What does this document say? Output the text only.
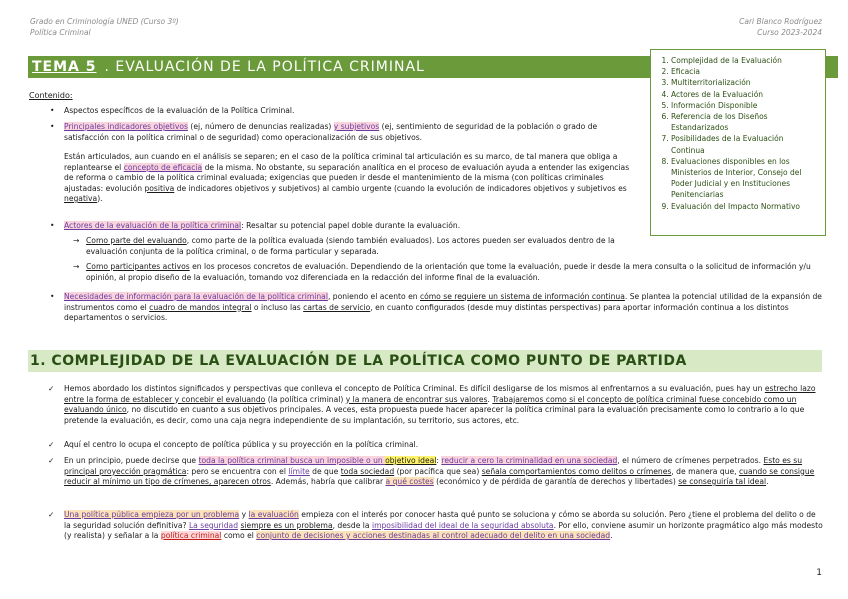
Grado en Criminología UNED (Curso 3º)
Política Criminal
Cari Blanco Rodríguez
Curso 2023-2024
TEMA 5 . EVALUACIÓN DE LA POLÍTICA CRIMINAL
1.	Complejidad de la Evaluación
2. Eficacia
3. Multiterritorialización
4. Actores de la Evaluación
5. Información Disponible
6. Referencia de los Diseños Estandarizados
7. Posibilidades de la Evaluación Continua
8. Evaluaciones disponibles en los Ministerios de Interior, Consejo del Poder Judicial y en Instituciones Penitenciarias
9. Evaluación del Impacto Normativo
Contenido:
• Aspectos específicos de la evaluación de la Política Criminal.
• Principales indicadores objetivos (ej, número de denuncias realizadas) y subjetivos (ej, sentimiento de seguridad de la población o grado de satisfacción con la política criminal o de seguridad) como operacionalización de sus objetivos.
Están articulados, aun cuando en el análisis se separen; en el caso de la política criminal tal articulación es su marco, de tal manera que obliga a replantearse el concepto de eficacia de la misma. No obstante, su separación analítica en el proceso de evaluación ayuda a entender las exigencias de reforma o cambio de la política criminal evaluada; exigencias que pueden ir desde el mantenimiento de la misma (con políticas criminales ajustadas: evolución positiva de indicadores objetivos y subjetivos) al cambio urgente (cuando la evolución de indicadores objetivos y subjetivos es negativa).
• Actores de la evaluación de la política criminal: Resaltar su potencial papel doble durante la evaluación.
→ Como parte del evaluando, como parte de la política evaluada (siendo también evaluados). Los actores pueden ser evaluados dentro de la evaluación conjunta de la política criminal, o de forma particular y separada.
→ Como participantes activos en los procesos concretos de evaluación. Dependiendo de la orientación que tome la evaluación, puede ir desde la mera consulta o la solicitud de información y/u opinión, al propio diseño de la evaluación, tomando voz diferenciada en la redacción del informe final de la evaluación.
• Necesidades de información para la evaluación de la política criminal, poniendo el acento en cómo se requiere un sistema de información continua. Se plantea la potencial utilidad de la expansión de instrumentos como el cuadro de mandos integral o incluso las cartas de servicio, en cuanto configurados (desde muy distintas perspectivas) para aportar información continua a los distintos departamentos o servicios.
1. COMPLEJIDAD DE LA EVALUACIÓN DE LA POLÍTICA COMO PUNTO DE PARTIDA
✓ Hemos abordado los distintos significados y perspectivas que conlleva el concepto de Política Criminal. Es difícil desligarse de los mismos al enfrentarnos a su evaluación, pues hay un estrecho lazo entre la forma de establecer y concebir el evaluando (la política criminal) y la manera de encontrar sus valores. Trabajaremos como si el concepto de política criminal fuese concebido como un evaluando único, no discutido en cuanto a sus objetivos principales. A veces, esta propuesta puede hacer aparecer la política criminal para la evaluación precisamente como lo contrario a lo que pretende la evaluación, es decir, como una caja negra independiente de su implantación, su territorio, sus actores, etc.
✓ Aquí el centro lo ocupa el concepto de política pública y su proyección en la política criminal.
✓ En un principio, puede decirse que toda la política criminal busca un imposible o un objetivo ideal: reducir a cero la criminalidad en una sociedad, el número de crímenes perpetrados. Esto es su principal proyección pragmática: pero se encuentra con el límite de que toda sociedad (por pacífica que sea) señala comportamientos como delitos o crímenes, de manera que, cuando se consigue reducir al mínimo un tipo de crímenes, aparecen otros. Además, habría que calibrar a qué costes (económico y de pérdida de garantía de derechos y libertades) se conseguiría tal ideal.
✓ Una política pública empieza por un problema y la evaluación empieza con el interés por conocer hasta qué punto se soluciona y cómo se aborda su solución. Pero ¿tiene el problema del delito o de la seguridad solución definitiva? La seguridad siempre es un problema, desde la imposibilidad del ideal de la seguridad absoluta. Por ello, conviene asumir un horizonte pragmático algo más modesto (y realista) y señalar a la política criminal como el conjunto de decisiones y acciones destinadas al control adecuado del delito en una sociedad.
1
